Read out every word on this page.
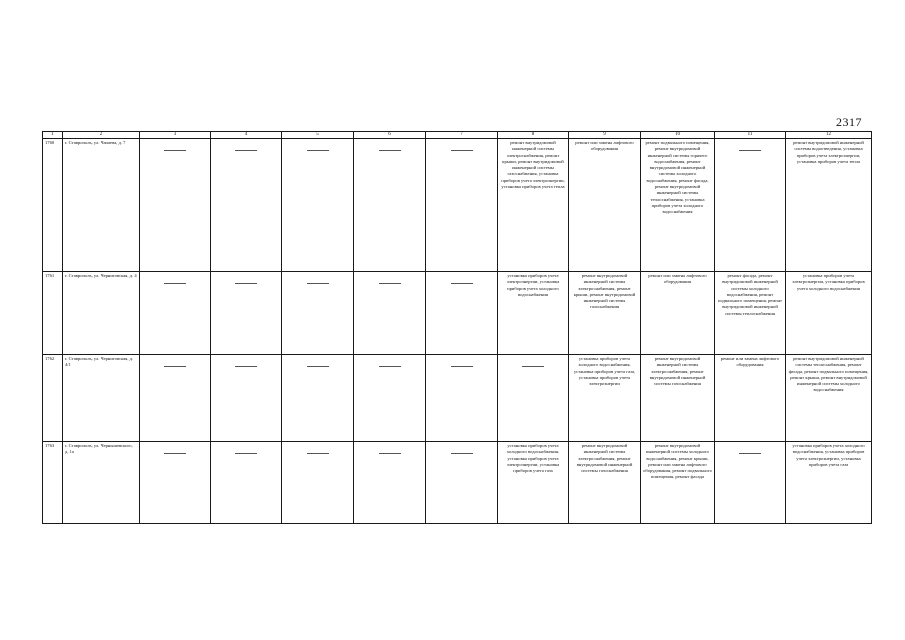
2317
1	2	3	4	5	6	7	8	9	10	11	12
1760	г. Ставрополь, ул. Чапаева, д. 7						ремонт внутридомовой инженерной системы электроснабжения, ремонт крыши, ремонт внутридомовой инженерной системы газоснабжения, установка приборов учета электроэнергии, установка приборов учета тепла	ремонт или замена лифтового оборудования	ремонт подвального помещения, ремонт внутридомовой инженерной системы горячего водоснабжения, ремонт внутридомовой инженерной системы холодного водоснабжения, ремонт фасада, ремонт внутридомовой инженерной системы теплоснабжения, установка приборов учета холодного водоснабжения		ремонт внутридомовой инженерной системы водоотведения, установка приборов учета электроэнергии, установка приборов учета тепла
1761	г. Ставрополь, ул. Черниговская, д. 4						установка приборов учета электроэнергии, установка приборов учета холодного водоснабжения	ремонт внутридомовой инженерной системы электроснабжения, ремонт крыши, ремонт внутридомовой инженерной системы газоснабжения	ремонт или замена лифтового оборудования	ремонт фасада, ремонт внутридомовой инженерной системы холодного водоснабжения, ремонт подвального помещения, ремонт внутридомовой инженерной системы теплоснабжения	установка приборов учета электроэнергии, установка приборов учета холодного водоснабжения
1762	г. Ставрополь, ул. Черниговская, д. 4/1							установка приборов учета холодного водоснабжения, установка приборов учета газа, установка приборов учета электроэнергии	ремонт внутридомовой инженерной системы электроснабжения, ремонт внутридомовой инженерной системы газоснабжения	ремонт или замена лифтового оборудования	ремонт внутридомовой инженерной системы теплоснабжения, ремонт фасада, ремонт подвального помещения, ремонт крыши, ремонт внутридомовой инженерной системы холодного водоснабжения
1763	г. Ставрополь, ул. Чернышевского, д. 1а						установка приборов учета холодного водоснабжения, установка приборов учета электроэнергии, установка приборов учета газа	ремонт внутридомовой инженерной системы электроснабжения, ремонт внутридомовой инженерной системы газоснабжения	ремонт внутридомовой инженерной системы холодного водоснабжения, ремонт крыши, ремонт или замена лифтового оборудования, ремонт подвального помещения, ремонт фасада		установка приборов учета холодного водоснабжения, установка приборов учета электроэнергии, установка приборов учета газа
